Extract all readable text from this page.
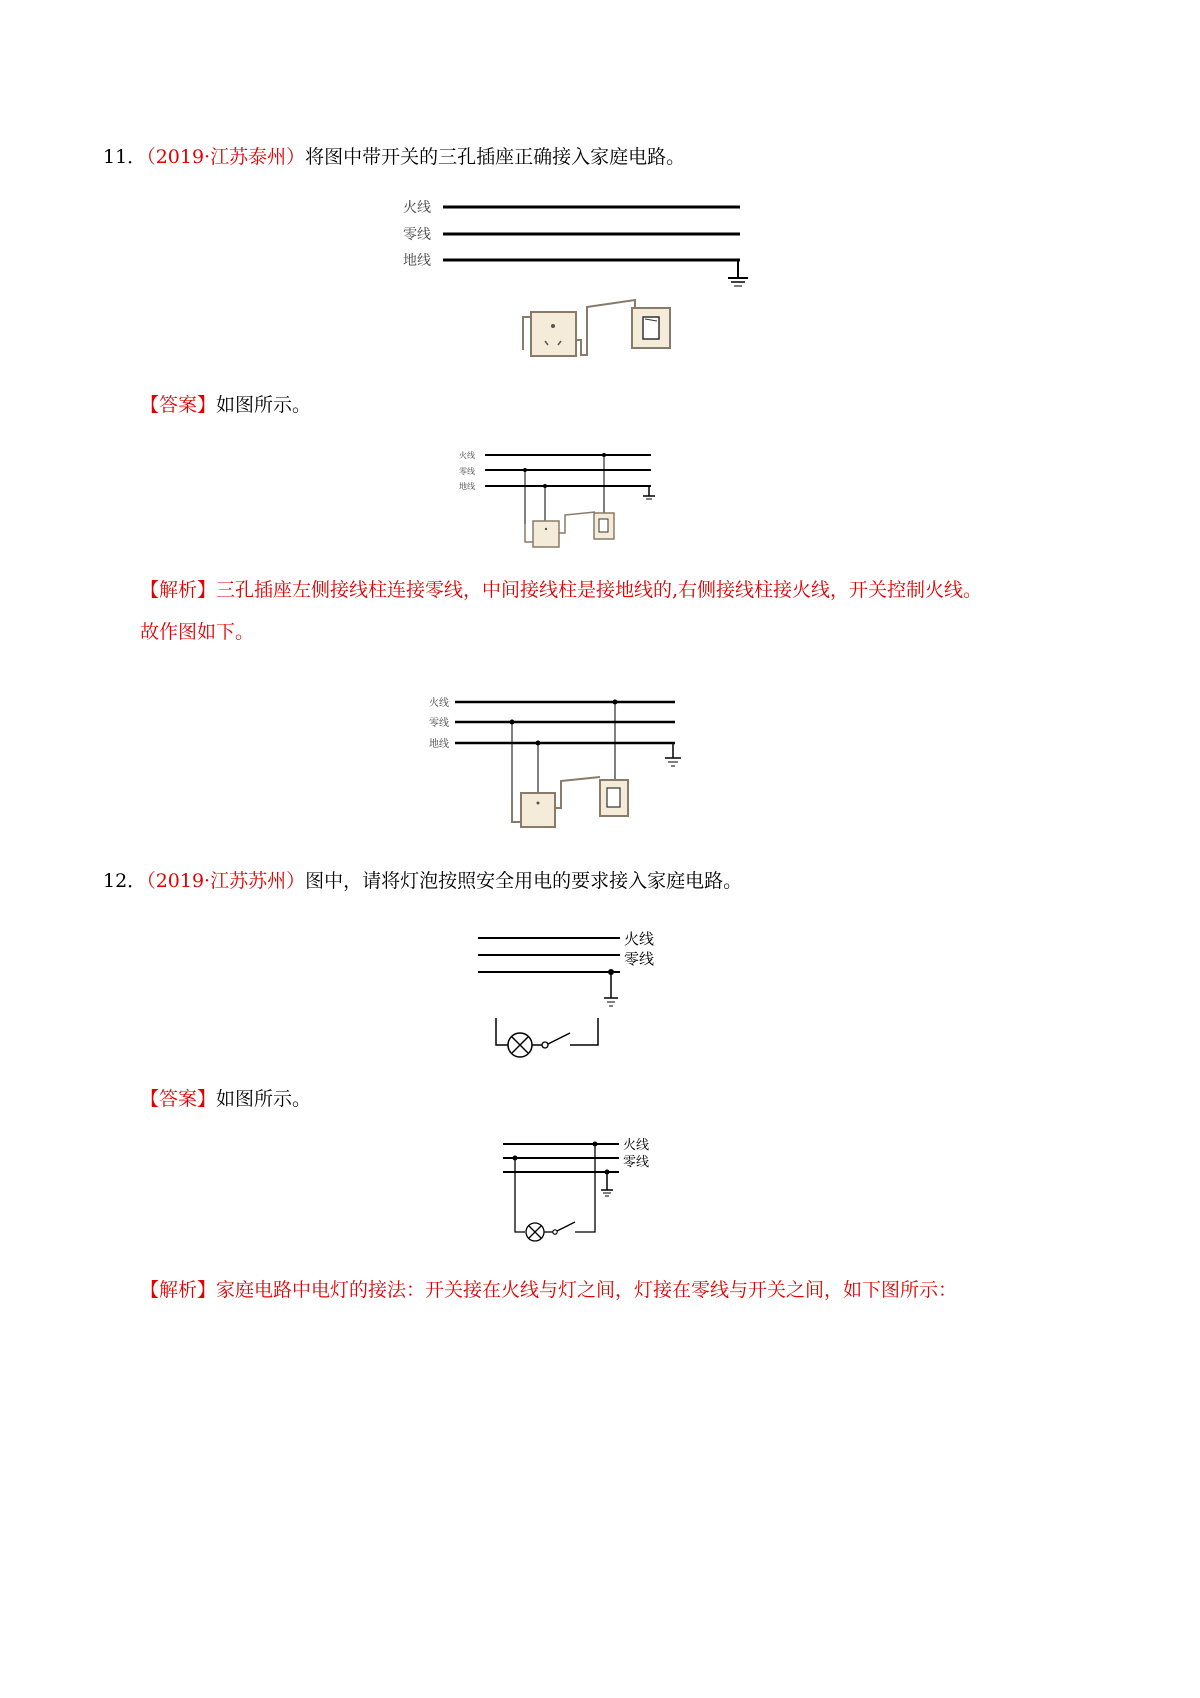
11．（2019·江苏泰州）将图中带开关的三孔插座正确接入家庭电路。
火线
零线
地线
【答案】如图所示。
火线
零线
地线
【解析】三孔插座左侧接线柱连接零线，中间接线柱是接地线的,右侧接线柱接火线，开关控制火线。
故作图如下。
火线
零线
地线
12．（2019·江苏苏州）图中，请将灯泡按照安全用电的要求接入家庭电路。
火线
零线
【答案】如图所示。
火线
零线
【解析】家庭电路中电灯的接法：开关接在火线与灯之间，灯接在零线与开关之间，如下图所示：
